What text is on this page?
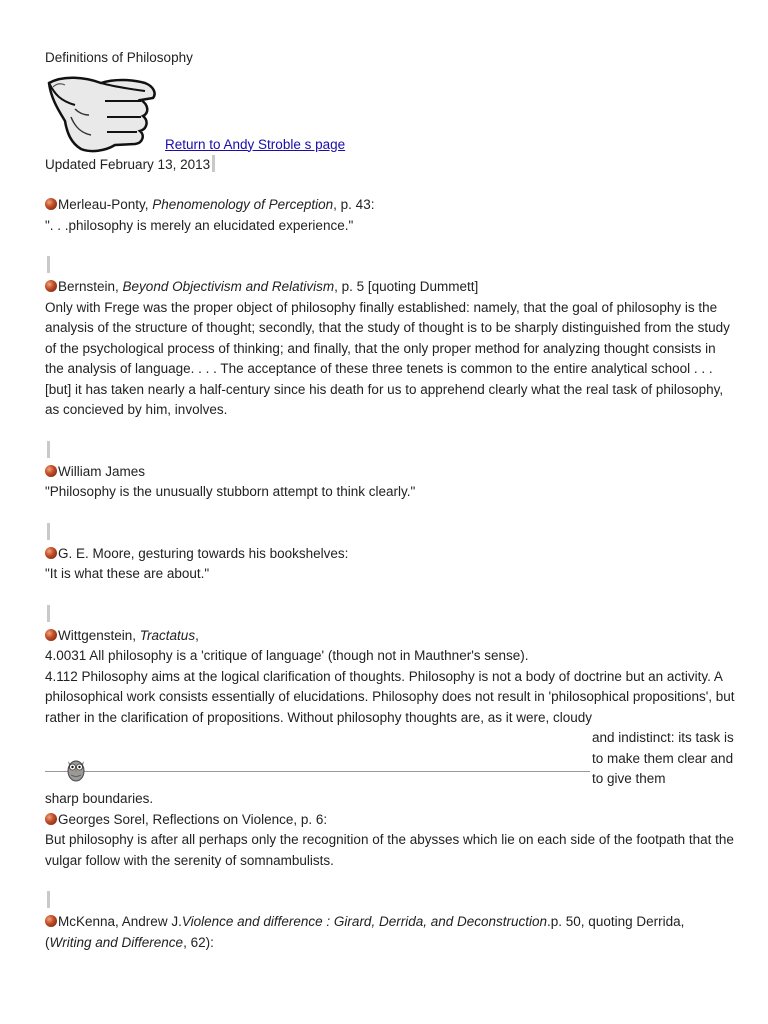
Definitions of Philosophy
Return to Andy Stroble s page
Updated February 13, 2013
Merleau-Ponty, Phenomenology of Perception, p. 43:
". . .philosophy is merely an elucidated experience."
Bernstein, Beyond Objectivism and Relativism, p. 5 [quoting Dummett]
Only with Frege was the proper object of philosophy finally established: namely, that the goal of philosophy is the analysis of the structure of thought; secondly, that the study of thought is to be sharply distinguished from the study of the psychological process of thinking; and finally, that the only proper method for analyzing thought consists in the analysis of language. . . . The acceptance of these three tenets is common to the entire analytical school . . . [but] it has taken nearly a half-century since his death for us to apprehend clearly what the real task of philosophy, as concieved by him, involves.
William James
"Philosophy is the unusually stubborn attempt to think clearly."
G. E. Moore, gesturing towards his bookshelves:
"It is what these are about."
Wittgenstein, Tractatus,
4.0031 All philosophy is a 'critique of language' (though not in Mauthner's sense).
4.112 Philosophy aims at the logical clarification of thoughts. Philosophy is not a body of doctrine but an activity. A philosophical work consists essentially of elucidations. Philosophy does not result in 'philosophical propositions', but rather in the clarification of propositions. Without philosophy thoughts are, as it were, cloudy
and indistinct: its task is to make them clear and to give them
sharp boundaries.
Georges Sorel, Reflections on Violence, p. 6:
But philosophy is after all perhaps only the recognition of the abysses which lie on each side of the footpath that the vulgar follow with the serenity of somnambulists.
McKenna, Andrew J.Violence and difference : Girard, Derrida, and Deconstruction.p. 50, quoting Derrida,
(Writing and Difference, 62):
